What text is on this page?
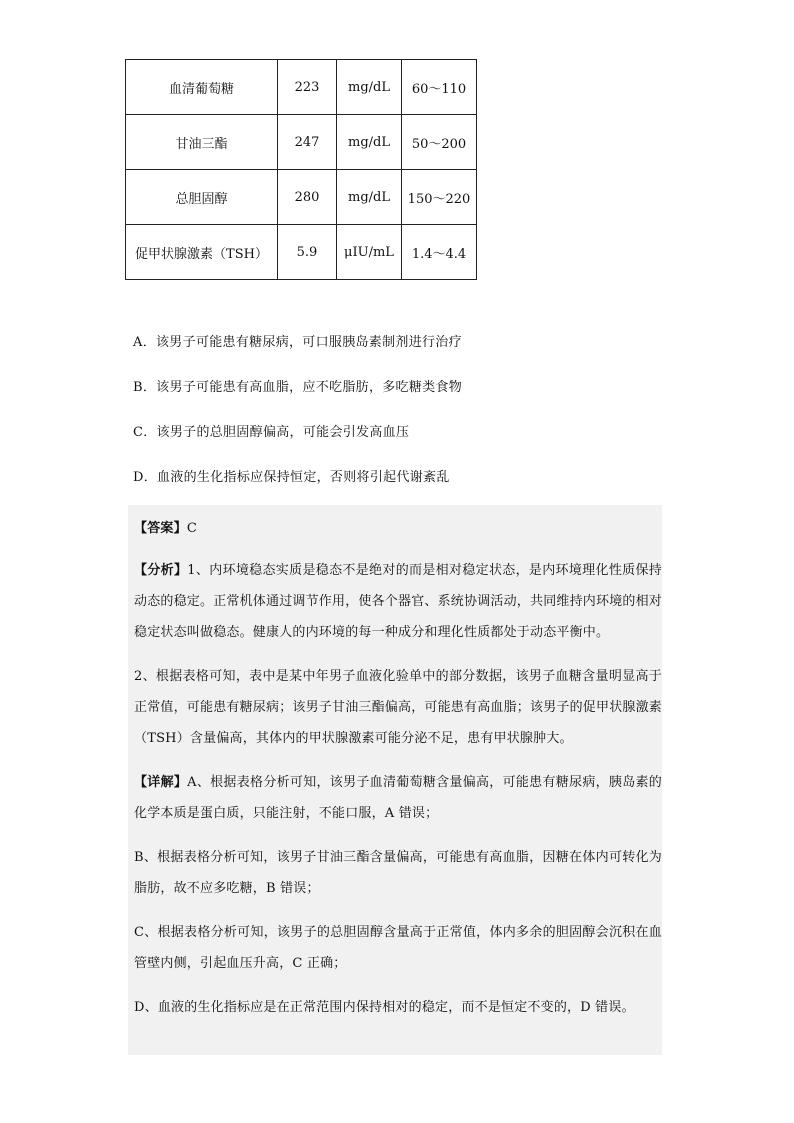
血清葡萄糖	223	mg/dL	60～110
甘油三酯	247	mg/dL	50～200
总胆固醇	280	mg/dL	150～220
促甲状腺激素（TSH）	5.9	μIU/mL	1.4～4.4

A．该男子可能患有糖尿病，可口服胰岛素制剂进行治疗

B．该男子可能患有高血脂，应不吃脂肪，多吃糖类食物

C．该男子的总胆固醇偏高，可能会引发高血压

D．血液的生化指标应保持恒定，否则将引起代谢紊乱

【答案】C

【分析】1、内环境稳态实质是稳态不是绝对的而是相对稳定状态，是内环境理化性质保持动态的稳定。正常机体通过调节作用，使各个器官、系统协调活动，共同维持内环境的相对稳定状态叫做稳态。健康人的内环境的每一种成分和理化性质都处于动态平衡中。

2、根据表格可知，表中是某中年男子血液化验单中的部分数据，该男子血糖含量明显高于正常值，可能患有糖尿病；该男子甘油三酯偏高，可能患有高血脂；该男子的促甲状腺激素（TSH）含量偏高，其体内的甲状腺激素可能分泌不足，患有甲状腺肿大。

【详解】A、根据表格分析可知，该男子血清葡萄糖含量偏高，可能患有糖尿病，胰岛素的化学本质是蛋白质，只能注射，不能口服，A 错误；

B、根据表格分析可知，该男子甘油三酯含量偏高，可能患有高血脂，因糖在体内可转化为脂肪，故不应多吃糖，B 错误；

C、根据表格分析可知，该男子的总胆固醇含量高于正常值，体内多余的胆固醇会沉积在血管壁内侧，引起血压升高，C 正确；

D、血液的生化指标应是在正常范围内保持相对的稳定，而不是恒定不变的，D 错误。
